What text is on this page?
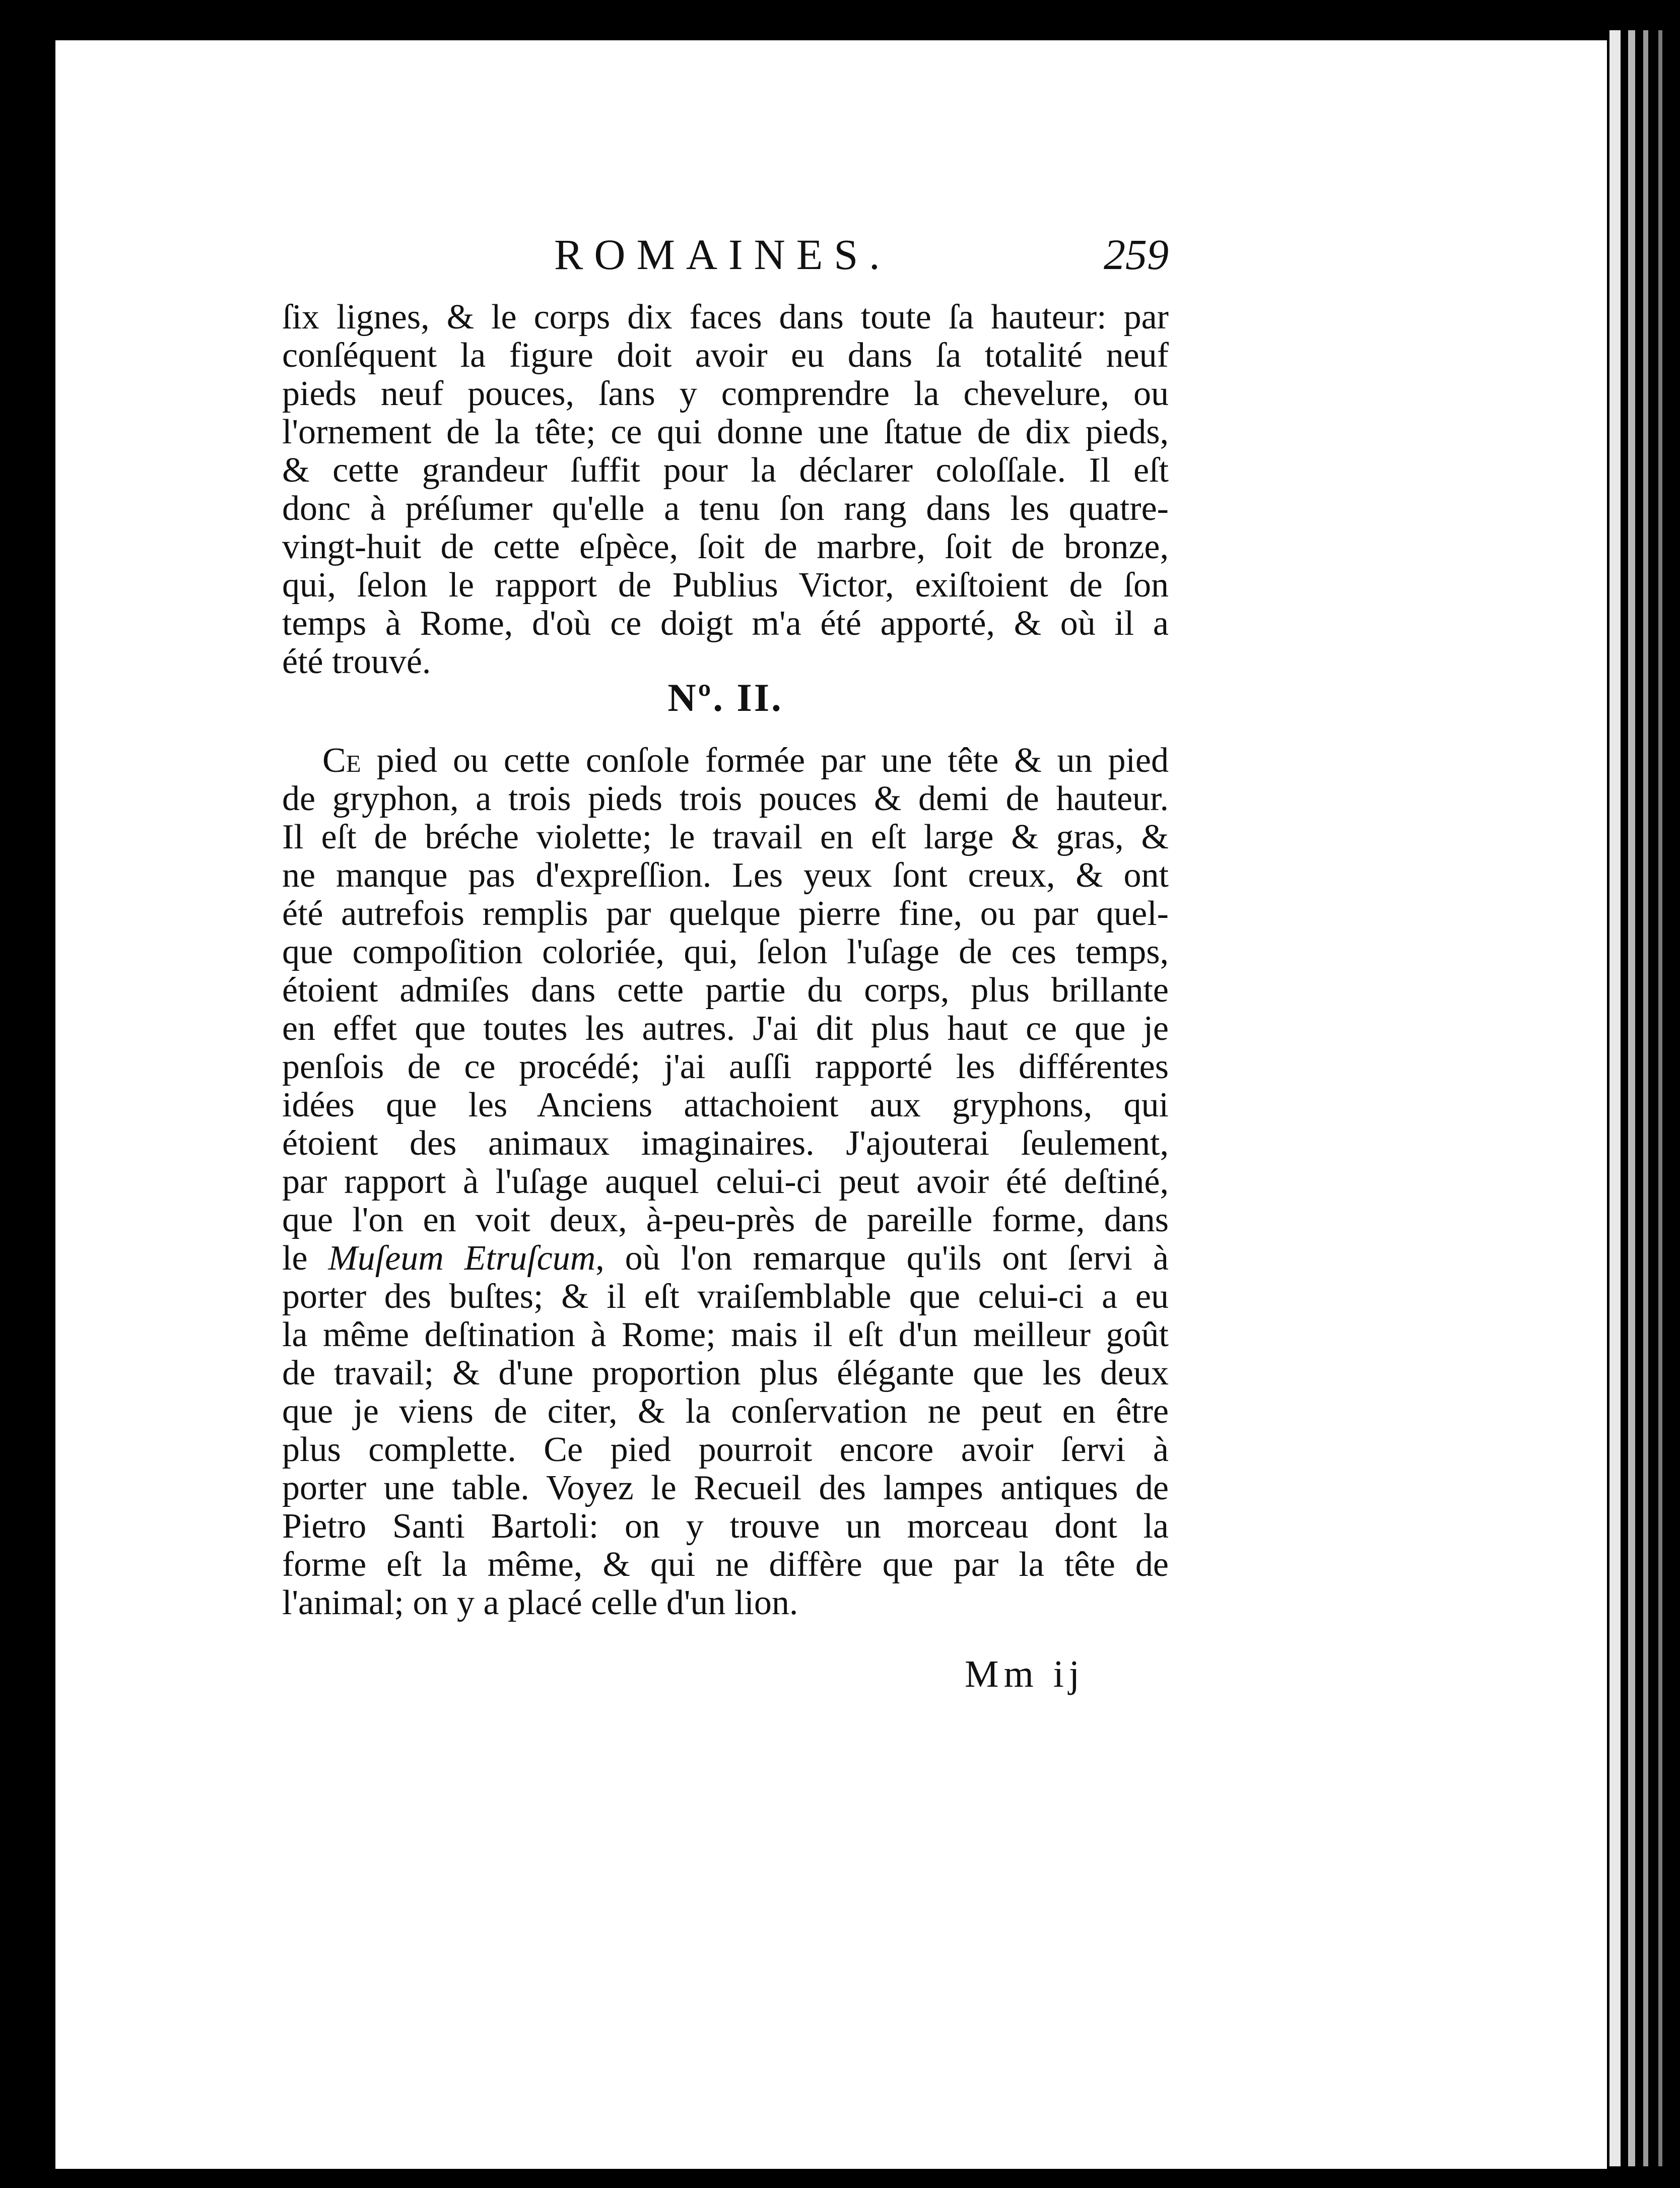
ROMAINES.	259
ſix lignes, & le corps dix faces dans toute ſa hauteur: par
conſéquent la figure doit avoir eu dans ſa totalité neuf
pieds neuf pouces, ſans y comprendre la chevelure, ou
l'ornement de la tête; ce qui donne une ſtatue de dix pieds,
& cette grandeur ſuffit pour la déclarer coloſſale. Il eſt
donc à préſumer qu'elle a tenu ſon rang dans les quatre-
vingt-huit de cette eſpèce, ſoit de marbre, ſoit de bronze,
qui, ſelon le rapport de Publius Victor, exiſtoient de ſon
temps à Rome, d'où ce doigt m'a été apporté, & où il a
été trouvé.
Nº. II.
Ce pied ou cette conſole formée par une tête & un pied
de gryphon, a trois pieds trois pouces & demi de hauteur.
Il eſt de bréche violette; le travail en eſt large & gras, &
ne manque pas d'expreſſion. Les yeux ſont creux, & ont
été autrefois remplis par quelque pierre fine, ou par quel-
que compoſition coloriée, qui, ſelon l'uſage de ces temps,
étoient admiſes dans cette partie du corps, plus brillante
en effet que toutes les autres. J'ai dit plus haut ce que je
penſois de ce procédé; j'ai auſſi rapporté les différentes
idées que les Anciens attachoient aux gryphons, qui
étoient des animaux imaginaires. J'ajouterai ſeulement,
par rapport à l'uſage auquel celui-ci peut avoir été deſtiné,
que l'on en voit deux, à-peu-près de pareille forme, dans
le Muſeum Etruſcum, où l'on remarque qu'ils ont ſervi à
porter des buſtes; & il eſt vraiſemblable que celui-ci a eu
la même deſtination à Rome; mais il eſt d'un meilleur goût
de travail; & d'une proportion plus élégante que les deux
que je viens de citer, & la conſervation ne peut en être
plus complette. Ce pied pourroit encore avoir ſervi à
porter une table. Voyez le Recueil des lampes antiques de
Pietro Santi Bartoli: on y trouve un morceau dont la
forme eſt la même, & qui ne diffère que par la tête de
l'animal; on y a placé celle d'un lion.
Mm ij
